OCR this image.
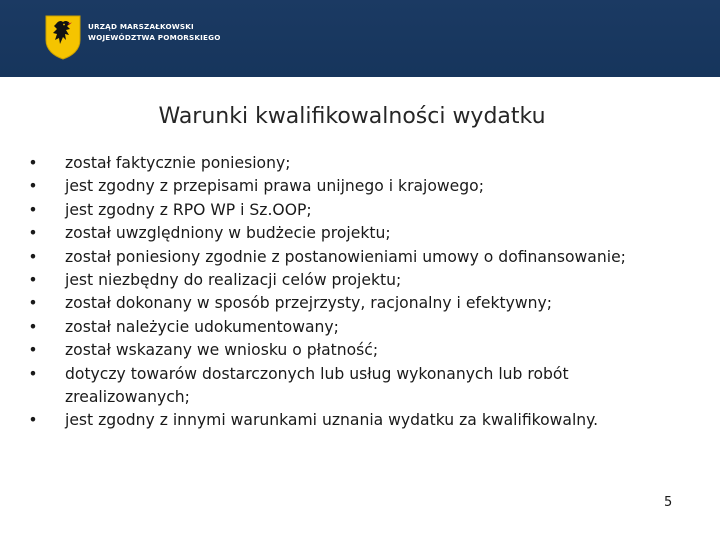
URZĄD MARSZAŁKOWSKI
WOJEWÓDZTWA POMORSKIEGO
Warunki kwalifikowalności wydatku
• został faktycznie poniesiony;
• jest zgodny z przepisami prawa unijnego i krajowego;
• jest zgodny z RPO WP i Sz.OOP;
• został uwzględniony w budżecie projektu;
• został poniesiony zgodnie z postanowieniami umowy o dofinansowanie;
• jest niezbędny do realizacji celów projektu;
• został dokonany w sposób przejrzysty, racjonalny i efektywny;
• został należycie udokumentowany;
• został wskazany we wniosku o płatność;
• dotyczy towarów dostarczonych lub usług wykonanych lub robót zrealizowanych;
• jest zgodny z innymi warunkami uznania wydatku za kwalifikowalny.
5
